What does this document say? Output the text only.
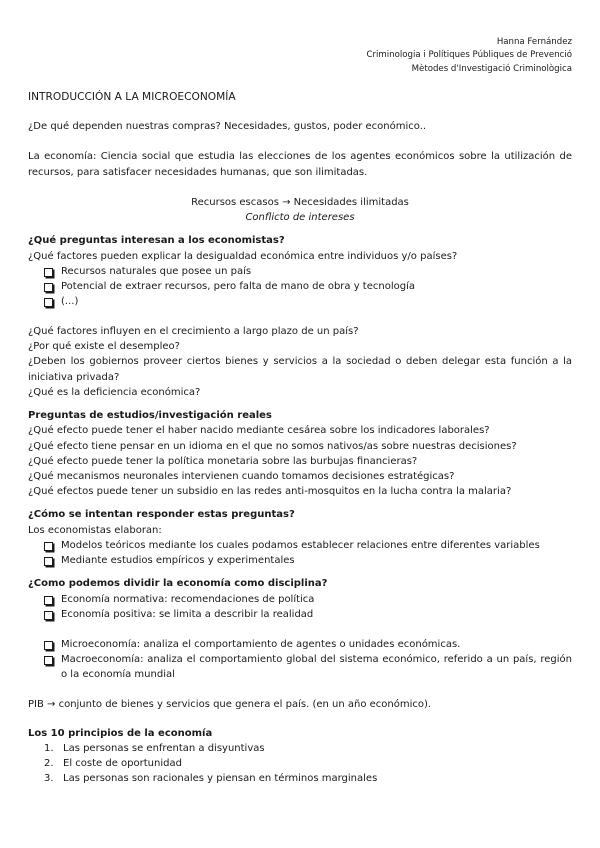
Hanna Fernández
Criminologia i Polítiques Públiques de Prevenció
Mètodes d'Investigació Criminològica
INTRODUCCIÓN A LA MICROECONOMÍA

¿De qué dependen nuestras compras? Necesidades, gustos, poder económico..

La economía: Ciencia social que estudia las elecciones de los agentes económicos sobre la utilización de recursos, para satisfacer necesidades humanas, que son ilimitadas.

Recursos escasos → Necesidades ilimitadas

Conflicto de intereses

¿Qué preguntas interesan a los economistas?

¿Qué factores pueden explicar la desigualdad económica entre individuos y/o países?

Recursos naturales que posee un país
Potencial de extraer recursos, pero falta de mano de obra y tecnología
(...)

¿Qué factores influyen en el crecimiento a largo plazo de un país?

¿Por qué existe el desempleo?

¿Deben los gobiernos proveer ciertos bienes y servicios a la sociedad o deben delegar esta función a la iniciativa privada?

¿Qué es la deficiencia económica?

Preguntas de estudios/investigación reales

¿Qué efecto puede tener el haber nacido mediante cesárea sobre los indicadores laborales?

¿Qué efecto tiene pensar en un idioma en el que no somos nativos/as sobre nuestras decisiones?

¿Qué efecto puede tener la política monetaria sobre las burbujas financieras?

¿Qué mecanismos neuronales intervienen cuando tomamos decisiones estratégicas?

¿Qué efectos puede tener un subsidio en las redes anti-mosquitos en la lucha contra la malaria?

¿Cómo se intentan responder estas preguntas?

Los economistas elaboran:

Modelos teóricos mediante los cuales podamos establecer relaciones entre diferentes variables
Mediante estudios empíricos y experimentales
¿Como podemos dividir la economía como disciplina?
Economía normativa: recomendaciones de política
Economía positiva: se limita a describir la realidad
Microeconomía: analiza el comportamiento de agentes o unidades económicas.
Macroeconomía: analiza el comportamiento global del sistema económico, referido a un país, región o la economía mundial

PIB → conjunto de bienes y servicios que genera el país. (en un año económico).

Los 10 principios de la economía
1. Las personas se enfrentan a disyuntivas
2. El coste de oportunidad
3. Las personas son racionales y piensan en términos marginales
